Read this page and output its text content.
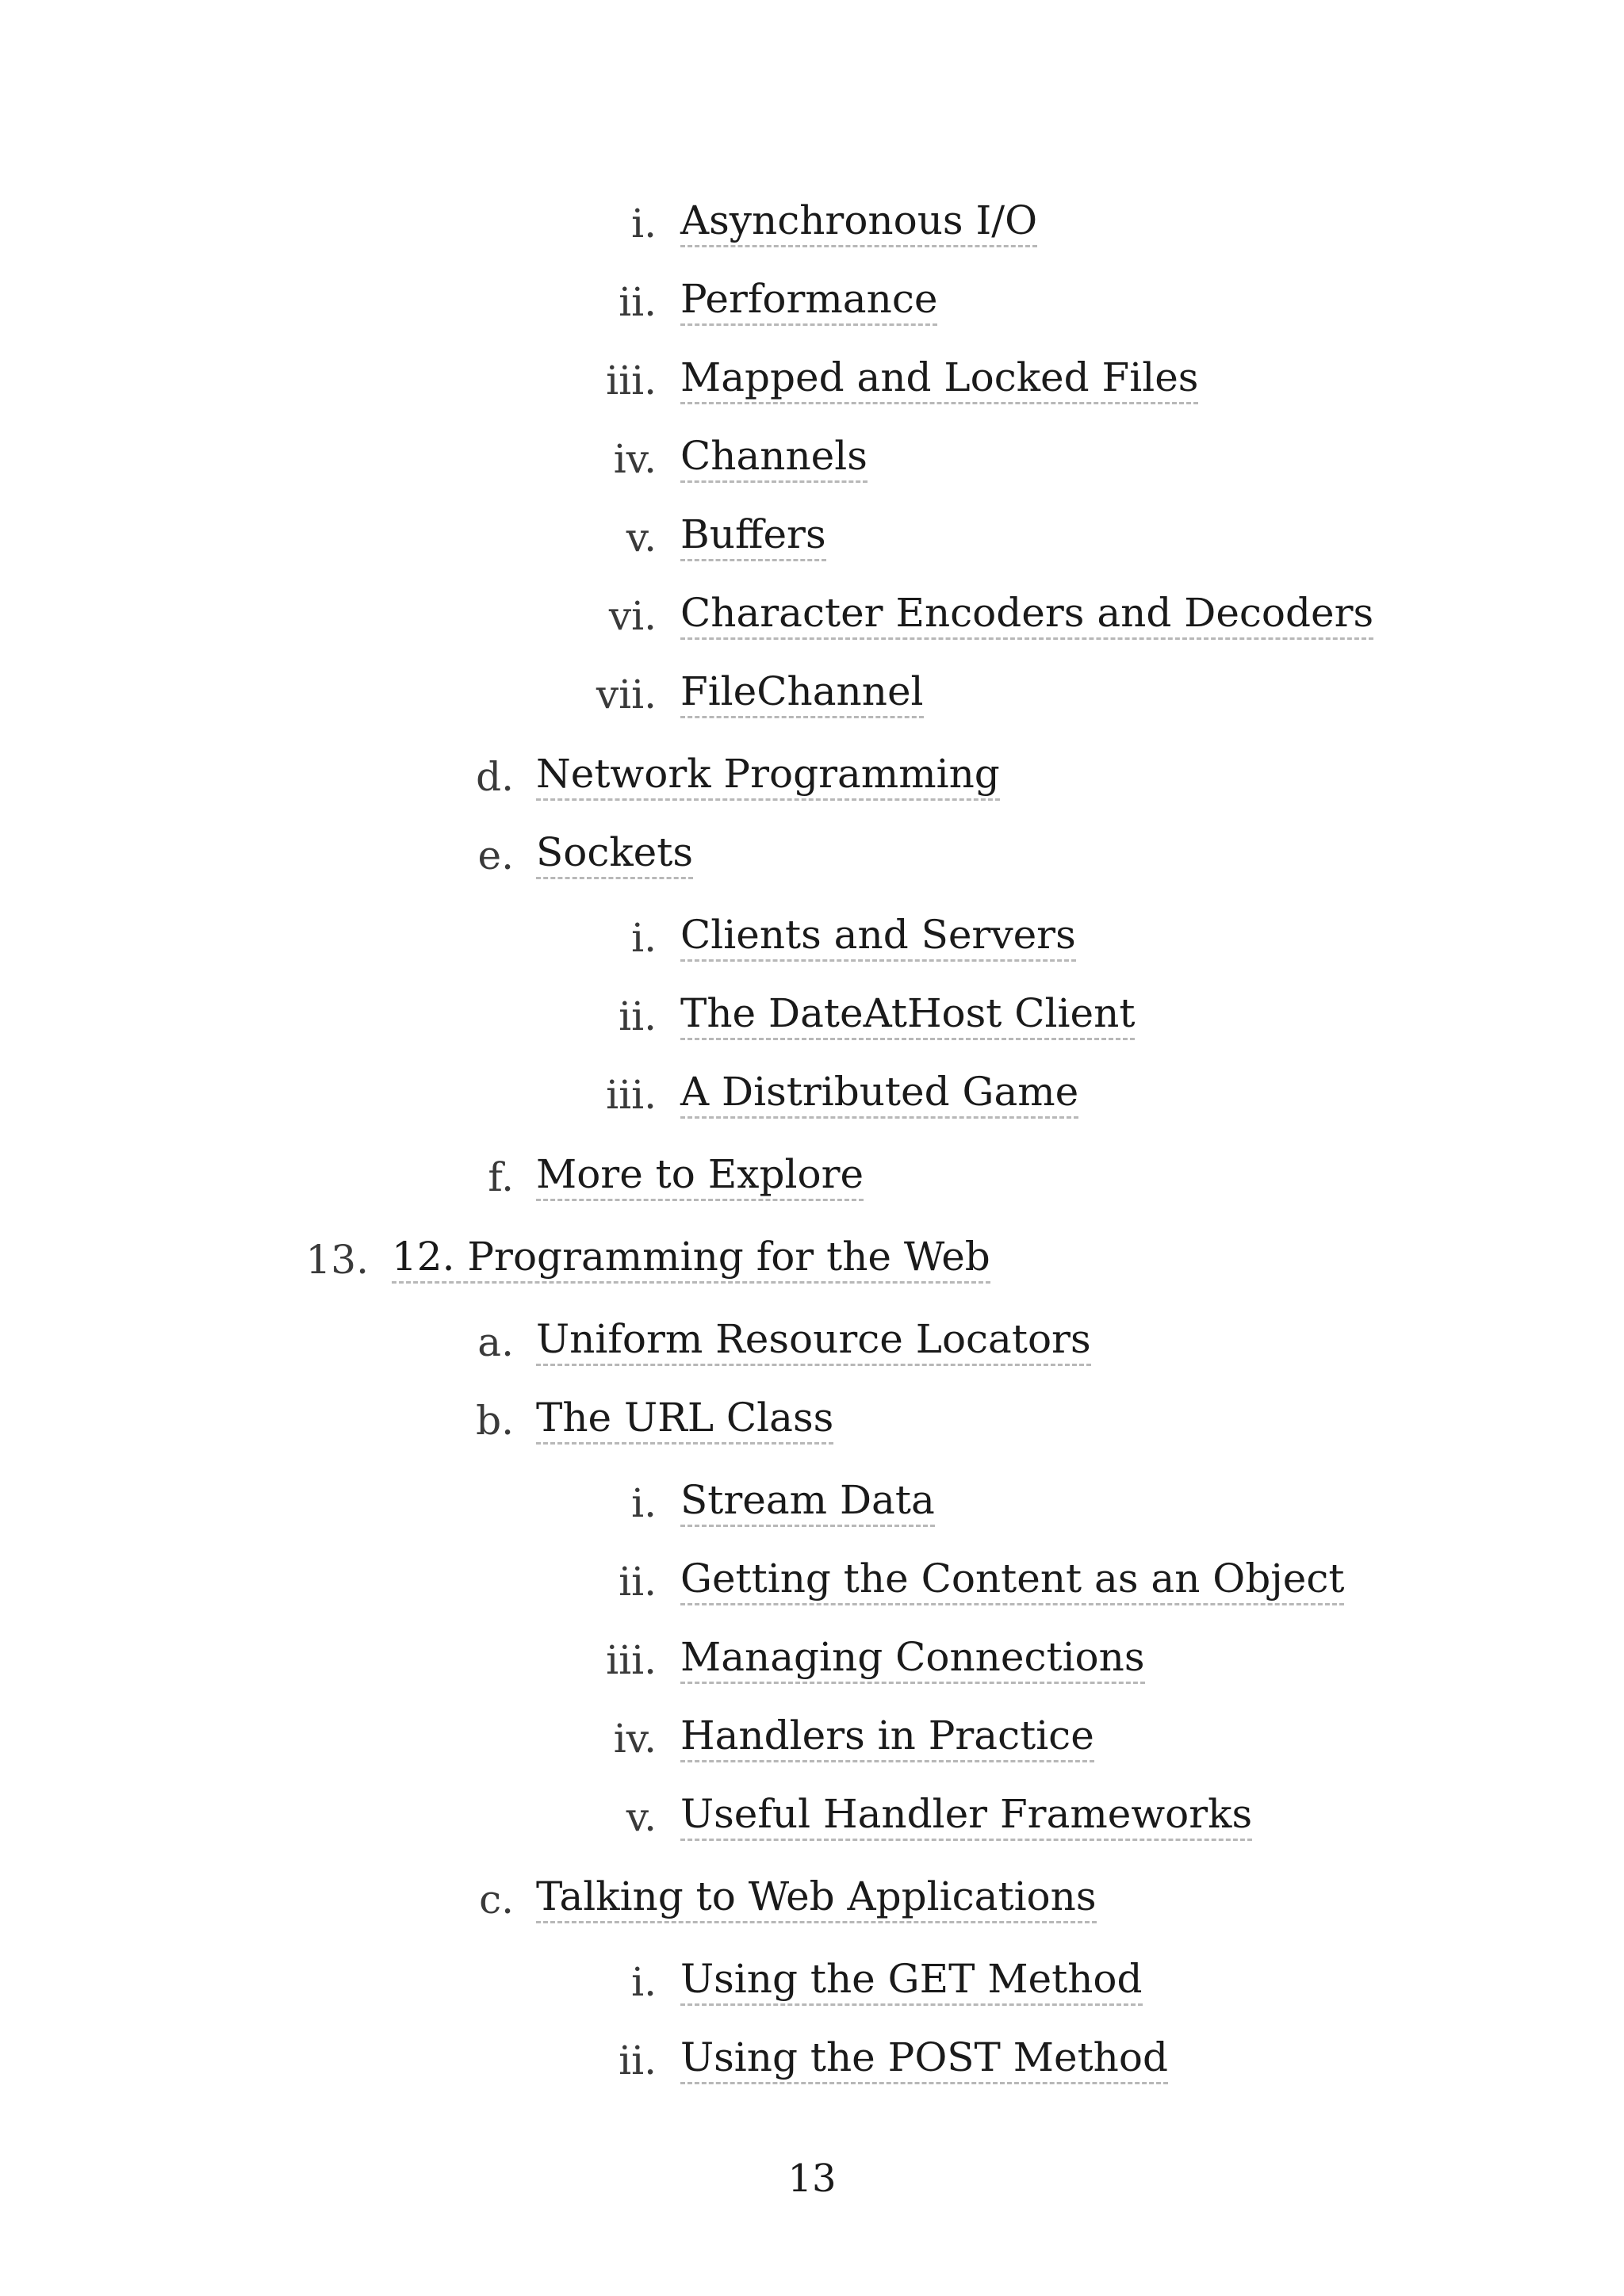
i. Asynchronous I/O
ii. Performance
iii. Mapped and Locked Files
iv. Channels
v. Buffers
vi. Character Encoders and Decoders
vii. FileChannel
d. Network Programming
e. Sockets
i. Clients and Servers
ii. The DateAtHost Client
iii. A Distributed Game
f. More to Explore
13. 12. Programming for the Web
a. Uniform Resource Locators
b. The URL Class
i. Stream Data
ii. Getting the Content as an Object
iii. Managing Connections
iv. Handlers in Practice
v. Useful Handler Frameworks
c. Talking to Web Applications
i. Using the GET Method
ii. Using the POST Method
13
